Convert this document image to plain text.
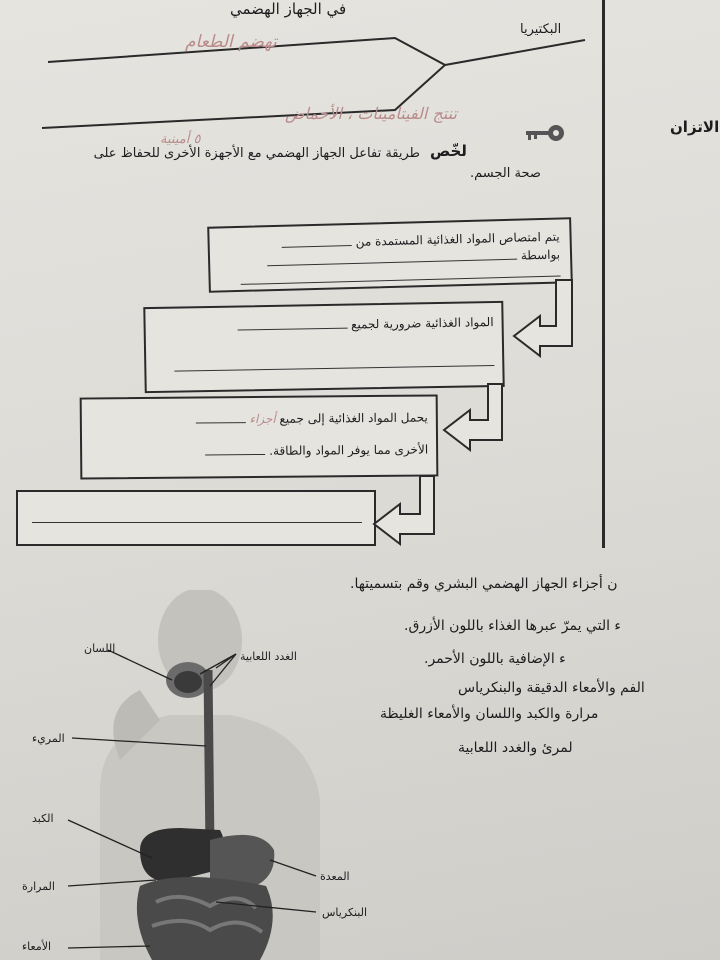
في الجهاز الهضمي
البكتيريا
تهضم الطعام
تنتج الفيتامينات ، الأحماض
٥ أمينية
الاتزان
لخّص
طريقة تفاعل الجهاز الهضمي مع الأجهزة الأخرى للحفاظ على
صحة الجسم.
يتم امتصاص المواد الغذائية المستمدة من
بواسطة
المواد الغذائية ضرورية لجميع
يحمل المواد الغذائية إلى جميع أجزاء
الأخرى مما يوفر المواد والطاقة.
ن أجزاء الجهاز الهضمي البشري وقم بتسميتها.
ء التي يمرّ عبرها الغذاء باللون الأزرق.
ء الإضافية باللون الأحمر.
الفم والأمعاء الدقيقة والبنكرياس
مرارة والكبد واللسان والأمعاء الغليظة
لمرئ والغدد اللعابية
اللسان
الغدد اللعابية
المريء
الكبد
المعدة
المرارة
البنكرياس
الأمعاء
